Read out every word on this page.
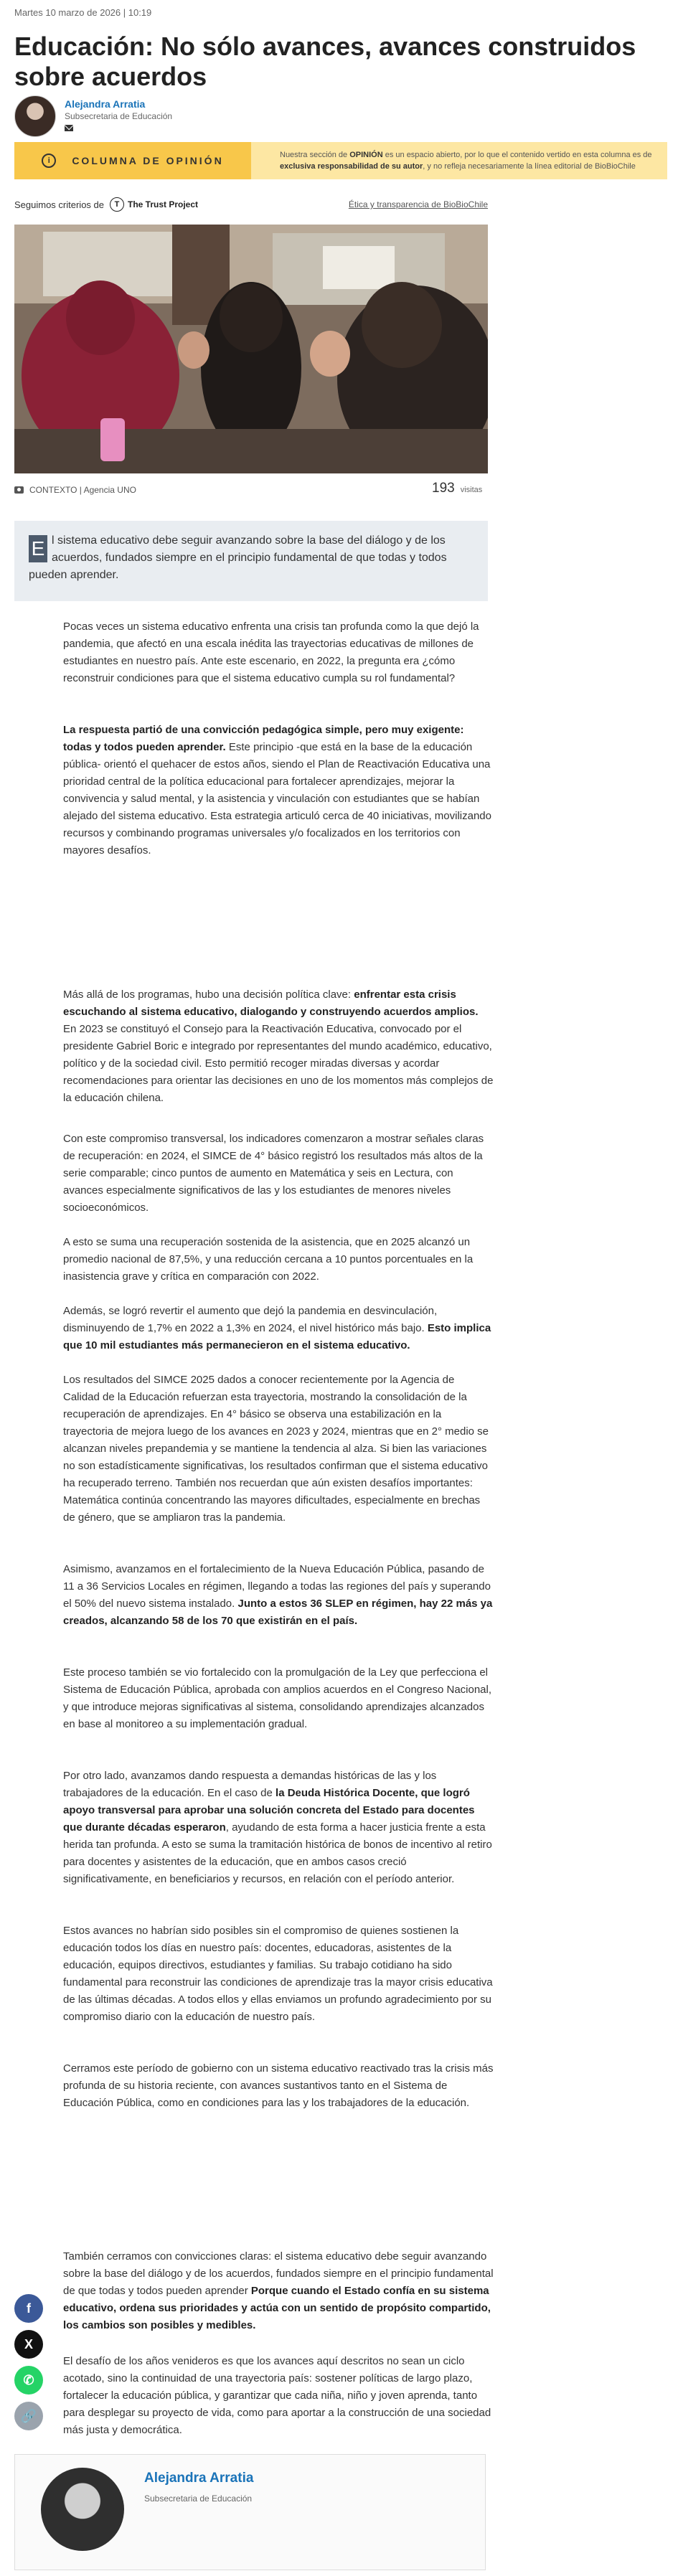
Martes 10 marzo de 2026 | 10:19
Educación: No sólo avances, avances construidos sobre acuerdos
Alejandra Arratia
Subsecretaria de Educación
i	COLUMNA DE OPINIÓN	Nuestra sección de OPINIÓN es un espacio abierto, por lo que el contenido vertido en esta columna es de exclusiva responsabilidad de su autor, y no refleja necesariamente la línea editorial de BioBioChile
Seguimos criterios de	T The Trust Project	Ética y transparencia de BioBioChile
CONTEXTO | Agencia UNO	193 visitas
E l sistema educativo debe seguir avanzando sobre la base del diálogo y de los acuerdos, fundados siempre en el principio fundamental de que todas y todos pueden aprender.

Pocas veces un sistema educativo enfrenta una crisis tan profunda como la que dejó la pandemia, que afectó en una escala inédita las trayectorias educativas de millones de estudiantes en nuestro país. Ante este escenario, en 2022, la pregunta era ¿cómo reconstruir condiciones para que el sistema educativo cumpla su rol fundamental?

La respuesta partió de una convicción pedagógica simple, pero muy exigente: todas y todos pueden aprender. Este principio -que está en la base de la educación pública- orientó el quehacer de estos años, siendo el Plan de Reactivación Educativa una prioridad central de la política educacional para fortalecer aprendizajes, mejorar la convivencia y salud mental, y la asistencia y vinculación con estudiantes que se habían alejado del sistema educativo. Esta estrategia articuló cerca de 40 iniciativas, movilizando recursos y combinando programas universales y/o focalizados en los territorios con mayores desafíos.

Más allá de los programas, hubo una decisión política clave: enfrentar esta crisis escuchando al sistema educativo, dialogando y construyendo acuerdos amplios. En 2023 se constituyó el Consejo para la Reactivación Educativa, convocado por el presidente Gabriel Boric e integrado por representantes del mundo académico, educativo, político y de la sociedad civil. Esto permitió recoger miradas diversas y acordar recomendaciones para orientar las decisiones en uno de los momentos más complejos de la educación chilena.

Con este compromiso transversal, los indicadores comenzaron a mostrar señales claras de recuperación: en 2024, el SIMCE de 4° básico registró los resultados más altos de la serie comparable; cinco puntos de aumento en Matemática y seis en Lectura, con avances especialmente significativos de las y los estudiantes de menores niveles socioeconómicos.

A esto se suma una recuperación sostenida de la asistencia, que en 2025 alcanzó un promedio nacional de 87,5%, y una reducción cercana a 10 puntos porcentuales en la inasistencia grave y crítica en comparación con 2022.

Además, se logró revertir el aumento que dejó la pandemia en desvinculación, disminuyendo de 1,7% en 2022 a 1,3% en 2024, el nivel histórico más bajo. Esto implica que 10 mil estudiantes más permanecieron en el sistema educativo.

Los resultados del SIMCE 2025 dados a conocer recientemente por la Agencia de Calidad de la Educación refuerzan esta trayectoria, mostrando la consolidación de la recuperación de aprendizajes. En 4° básico se observa una estabilización en la trayectoria de mejora luego de los avances en 2023 y 2024, mientras que en 2° medio se alcanzan niveles prepandemia y se mantiene la tendencia al alza. Si bien las variaciones no son estadísticamente significativas, los resultados confirman que el sistema educativo ha recuperado terreno. También nos recuerdan que aún existen desafíos importantes: Matemática continúa concentrando las mayores dificultades, especialmente en brechas de género, que se ampliaron tras la pandemia.

Asimismo, avanzamos en el fortalecimiento de la Nueva Educación Pública, pasando de 11 a 36 Servicios Locales en régimen, llegando a todas las regiones del país y superando el 50% del nuevo sistema instalado. Junto a estos 36 SLEP en régimen, hay 22 más ya creados, alcanzando 58 de los 70 que existirán en el país.

Este proceso también se vio fortalecido con la promulgación de la Ley que perfecciona el Sistema de Educación Pública, aprobada con amplios acuerdos en el Congreso Nacional, y que introduce mejoras significativas al sistema, consolidando aprendizajes alcanzados en base al monitoreo a su implementación gradual.

Por otro lado, avanzamos dando respuesta a demandas históricas de las y los trabajadores de la educación. En el caso de la Deuda Histórica Docente, que logró apoyo transversal para aprobar una solución concreta del Estado para docentes que durante décadas esperaron, ayudando de esta forma a hacer justicia frente a esta herida tan profunda. A esto se suma la tramitación histórica de bonos de incentivo al retiro para docentes y asistentes de la educación, que en ambos casos creció significativamente, en beneficiarios y recursos, en relación con el período anterior.

Estos avances no habrían sido posibles sin el compromiso de quienes sostienen la educación todos los días en nuestro país: docentes, educadoras, asistentes de la educación, equipos directivos, estudiantes y familias. Su trabajo cotidiano ha sido fundamental para reconstruir las condiciones de aprendizaje tras la mayor crisis educativa de las últimas décadas. A todos ellos y ellas enviamos un profundo agradecimiento por su compromiso diario con la educación de nuestro país.

Cerramos este período de gobierno con un sistema educativo reactivado tras la crisis más profunda de su historia reciente, con avances sustantivos tanto en el Sistema de Educación Pública, como en condiciones para las y los trabajadores de la educación.

También cerramos con convicciones claras: el sistema educativo debe seguir avanzando sobre la base del diálogo y de los acuerdos, fundados siempre en el principio fundamental de que todas y todos pueden aprender Porque cuando el Estado confía en su sistema educativo, ordena sus prioridades y actúa con un sentido de propósito compartido, los cambios son posibles y medibles.

El desafío de los años venideros es que los avances aquí descritos no sean un ciclo acotado, sino la continuidad de una trayectoria país: sostener políticas de largo plazo, fortalecer la educación pública, y garantizar que cada niña, niño y joven aprenda, tanto para desplegar su proyecto de vida, como para aportar a la construcción de una sociedad más justa y democrática.

f
X
✆
🔗
Alejandra Arratia
Subsecretaria de Educación
